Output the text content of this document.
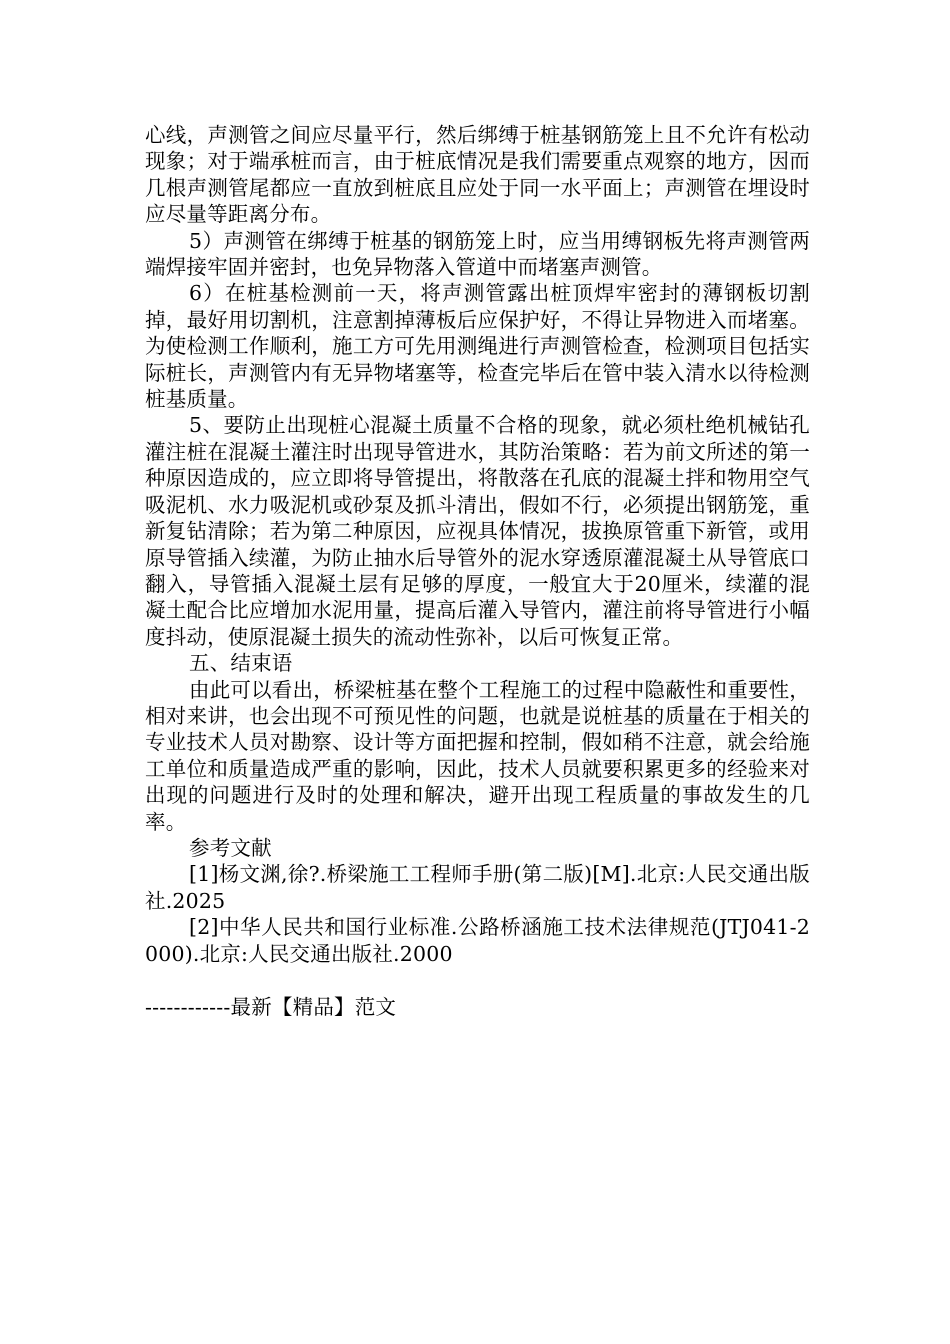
心线，声测管之间应尽量平行，然后绑缚于桩基钢筋笼上且不允许有松动现象；对于端承桩而言，由于桩底情况是我们需要重点观察的地方，因而几根声测管尾都应一直放到桩底且应处于同一水平面上；声测管在埋设时应尽量等距离分布。

5）声测管在绑缚于桩基的钢筋笼上时，应当用缚钢板先将声测管两端焊接牢固并密封，也免异物落入管道中而堵塞声测管。

6）在桩基检测前一天，将声测管露出桩顶焊牢密封的薄钢板切割掉，最好用切割机，注意割掉薄板后应保护好，不得让异物进入而堵塞。为使检测工作顺利，施工方可先用测绳进行声测管检查，检测项目包括实际桩长，声测管内有无异物堵塞等，检查完毕后在管中装入清水以待检测桩基质量。

5、要防止出现桩心混凝土质量不合格的现象，就必须杜绝机械钻孔灌注桩在混凝土灌注时出现导管进水，其防治策略：若为前文所述的第一种原因造成的，应立即将导管提出，将散落在孔底的混凝土拌和物用空气吸泥机、水力吸泥机或砂泵及抓斗清出，假如不行，必须提出钢筋笼，重新复钻清除；若为第二种原因，应视具体情况，拔换原管重下新管，或用原导管插入续灌，为防止抽水后导管外的泥水穿透原灌混凝土从导管底口翻入，导管插入混凝土层有足够的厚度，一般宜大于20厘米，续灌的混凝土配合比应增加水泥用量，提高后灌入导管内，灌注前将导管进行小幅度抖动，使原混凝土损失的流动性弥补，以后可恢复正常。

五、结束语

由此可以看出，桥梁桩基在整个工程施工的过程中隐蔽性和重要性，相对来讲，也会出现不可预见性的问题，也就是说桩基的质量在于相关的专业技术人员对勘察、设计等方面把握和控制，假如稍不注意，就会给施工单位和质量造成严重的影响，因此，技术人员就要积累更多的经验来对出现的问题进行及时的处理和解决，避开出现工程质量的事故发生的几率。

参考文献

[1]杨文渊,徐?.桥梁施工工程师手册(第二版)[M].北京:人民交通出版社.2025

[2]中华人民共和国行业标准.公路桥涵施工技术法律规范(JTJ041-2000).北京:人民交通出版社.2000

------------最新【精品】范文
